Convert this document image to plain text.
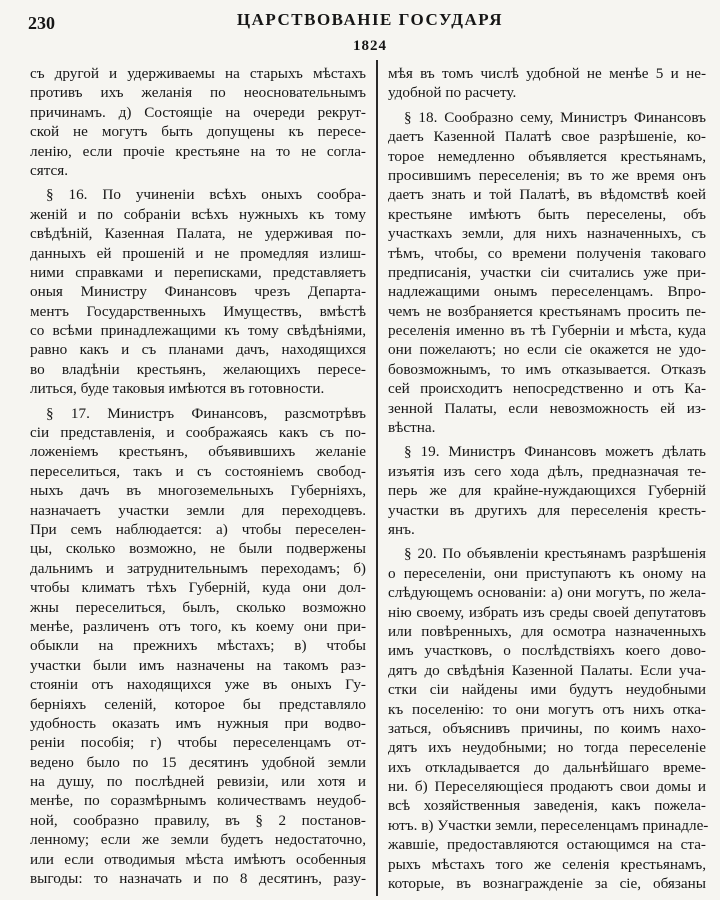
230	ЦАРСТВОВАНІЕ ГОСУДАРЯ
1824
съ другой и удерживаемы на старыхъ мѣстахъ
противъ ихъ желанія по неосновательнымъ
причинамъ. д) Состоящіе на очереди рекрут-
ской не могутъ быть допущены къ пересе-
ленію, если прочіе крестьяне на то не согла-
сятся.
§ 16. По учиненіи всѣхъ оныхъ сообра-
женій и по собраніи всѣхъ нужныхъ къ тому
свѣдѣній, Казенная Палата, не удерживая по-
данныхъ ей прошеній и не промедляя излиш-
ними справками и переписками, представляетъ
оныя Министру Финансовъ чрезъ Департа-
ментъ Государственныхъ Имуществъ, вмѣстѣ
со всѣми принадлежащими къ тому свѣдѣніями,
равно какъ и съ планами дачъ, находящихся
во владѣніи крестьянъ, желающихъ пересе-
литься, буде таковыя имѣются въ готовности.
§ 17. Министръ Финансовъ, разсмотрѣвъ
сіи представленія, и соображаясь какъ съ по-
ложеніемъ крестьянъ, объявившихъ желаніе
переселиться, такъ и съ состояніемъ свобод-
ныхъ дачъ въ многоземельныхъ Губерніяхъ,
назначаетъ участки земли для переходцевъ.
При семъ наблюдается: а) чтобы переселен-
цы, сколько возможно, не были подвержены
дальнимъ и затруднительнымъ переходамъ; б)
чтобы климатъ тѣхъ Губерній, куда они дол-
жны переселиться, былъ, сколько возможно
менѣе, различенъ отъ того, къ коему они при-
обыкли на прежнихъ мѣстахъ; в) чтобы
участки были имъ назначены на такомъ раз-
стояніи отъ находящихся уже въ оныхъ Гу-
берніяхъ селеній, которое бы представляло
удобность оказать имъ нужныя при водво-
реніи пособія; г) чтобы переселенцамъ от-
ведено было по 15 десятинъ удобной земли
на душу, по послѣдней ревизіи, или хотя и
менѣе, по соразмѣрнымъ количествамъ неудоб-
ной, сообразно правилу, въ § 2 постанов-
ленному; если же земли будетъ недостаточно,
или если отводимыя мѣста имѣютъ особенныя
выгоды: то назначать и по 8 десятинъ, разу-
мѣя въ томъ числѣ удобной не менѣе 5 и не-
удобной по расчету.
§ 18. Сообразно сему, Министръ Финансовъ
даетъ Казенной Палатѣ свое разрѣшеніе, ко-
торое немедленно объявляется крестьянамъ,
просившимъ переселенія; въ то же время онъ
даетъ знать и той Палатѣ, въ вѣдомствѣ коей
крестьяне имѣютъ быть переселены, объ
участкахъ земли, для нихъ назначенныхъ, съ
тѣмъ, чтобы, со времени полученія таковаго
предписанія, участки сіи считались уже при-
надлежащими онымъ переселенцамъ. Впро-
чемъ не возбраняется крестьянамъ просить пе-
реселенія именно въ тѣ Губерніи и мѣста, куда
они пожелаютъ; но если сіе окажется не удо-
бовозможнымъ, то имъ отказывается. Отказъ
сей происходитъ непосредственно и отъ Ка-
зенной Палаты, если невозможность ей из-
вѣстна.
§ 19. Министръ Финансовъ можетъ дѣлать
изъятія изъ сего хода дѣлъ, предназначая те-
перь же для крайне-нуждающихся Губерній
участки въ другихъ для переселенія кресть-
янъ.
§ 20. По объявленіи крестьянамъ разрѣшенія
о переселеніи, они приступаютъ къ оному на
слѣдующемъ основаніи: а) они могутъ, по жела-
нію своему, избрать изъ среды своей депутатовъ
или повѣренныхъ, для осмотра назначенныхъ
имъ участковъ, о послѣдствіяхъ коего дово-
дятъ до свѣдѣнія Казенной Палаты. Если уча-
стки сіи найдены ими будутъ неудобными
къ поселенію: то они могутъ отъ нихъ отка-
заться, объяснивъ причины, по коимъ нахо-
дятъ ихъ неудобными; но тогда переселеніе
ихъ откладывается до дальнѣйшаго време-
ни. б) Переселяющіеся продаютъ свои домы и
всѣ хозяйственныя заведенія, какъ пожела-
ютъ. в) Участки земли, переселенцамъ принадле-
жавшіе, предоставляются остающимся на ста-
рыхъ мѣстахъ того же селенія крестьянамъ,
которые, въ вознагражденіе за сіе, обязаны
